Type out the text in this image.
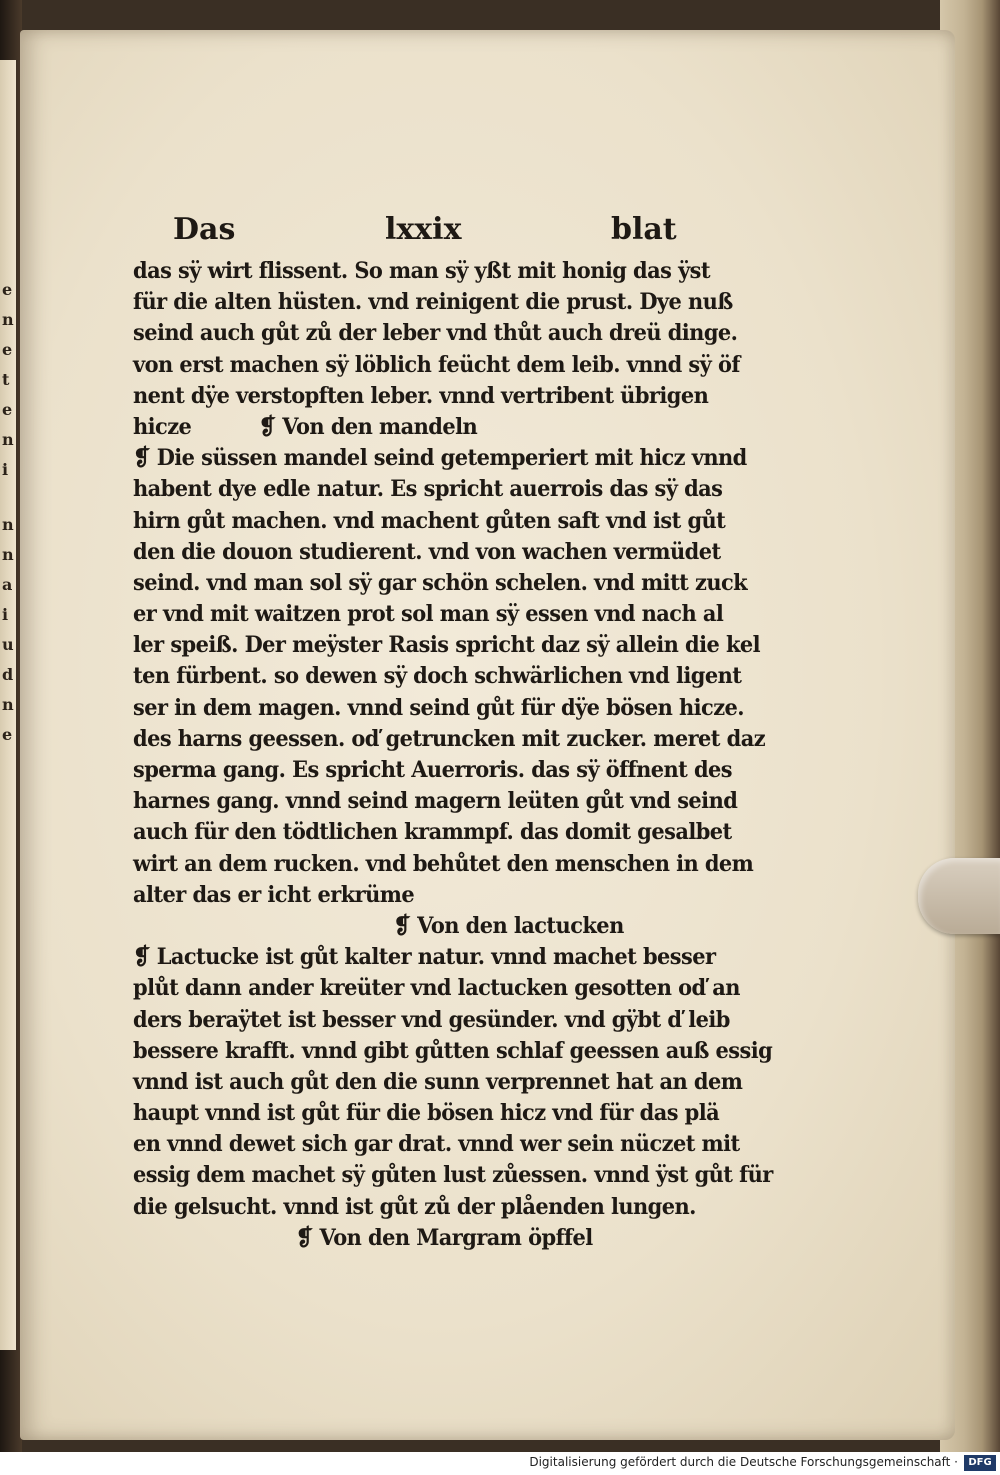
e
n
e
t
e
n
i
n
n
a
i
u
d
n
e
Das	lxxix	blat
das sÿ wirt flissent. So man sÿ yßt mit honig das ÿst
für die alten hüsten. vnd reinigent die prust. Dye nuß
seind auch gůt zů der leber vnd thůt auch dreü dinge.
von erst machen sÿ löblich feücht dem leib. vnnd sÿ öf
nent dÿe verstopften leber. vnnd vertribent übrigen
hicze          ❡ Von den mandeln
❡ Die süssen mandel seind getemperiert mit hicz vnnd
habent dye edle natur. Es spricht auerrois das sÿ das
hirn gůt machen. vnd machent gůten saft vnd ist gůt
den die douon studierent. vnd von wachen vermüdet
seind. vnd man sol sÿ gar schön schelen. vnd mitt zuck
er vnd mit waitzen prot sol man sÿ essen vnd nach al
ler speiß. Der meÿster Rasis spricht daz sÿ allein die kel
ten fürbent. so dewen sÿ doch schwärlichen vnd ligent
ser in dem magen. vnnd seind gůt für dÿe bösen hicze.
des harns geessen. oď getruncken mit zucker. meret daz
sperma gang. Es spricht Auerroris. das sÿ öffnent des
harnes gang. vnnd seind magern leüten gůt vnd seind
auch für den tödtlichen krammpf. das domit gesalbet
wirt an dem rucken. vnd behůtet den menschen in dem
alter das er icht erkrüme
❡ Von den lactucken
❡ Lactucke ist gůt kalter natur. vnnd machet besser
plůt dann ander kreüter vnd lactucken gesotten oď an
ders beraÿtet ist besser vnd gesünder. vnd gÿbt ď leib
bessere krafft. vnnd gibt gůtten schlaf geessen auß essig
vnnd ist auch gůt den die sunn verprennet hat an dem
haupt vnnd ist gůt für die bösen hicz vnd für das plä
en vnnd dewet sich gar drat. vnnd wer sein nüczet mit
essig dem machet sÿ gůten lust zůessen. vnnd ÿst gůt für
die gelsucht. vnnd ist gůt zů der plåenden lungen.
❡ Von den Margram öpffel
Digitalisierung gefördert durch die Deutsche Forschungsgemeinschaft ·	DFG
